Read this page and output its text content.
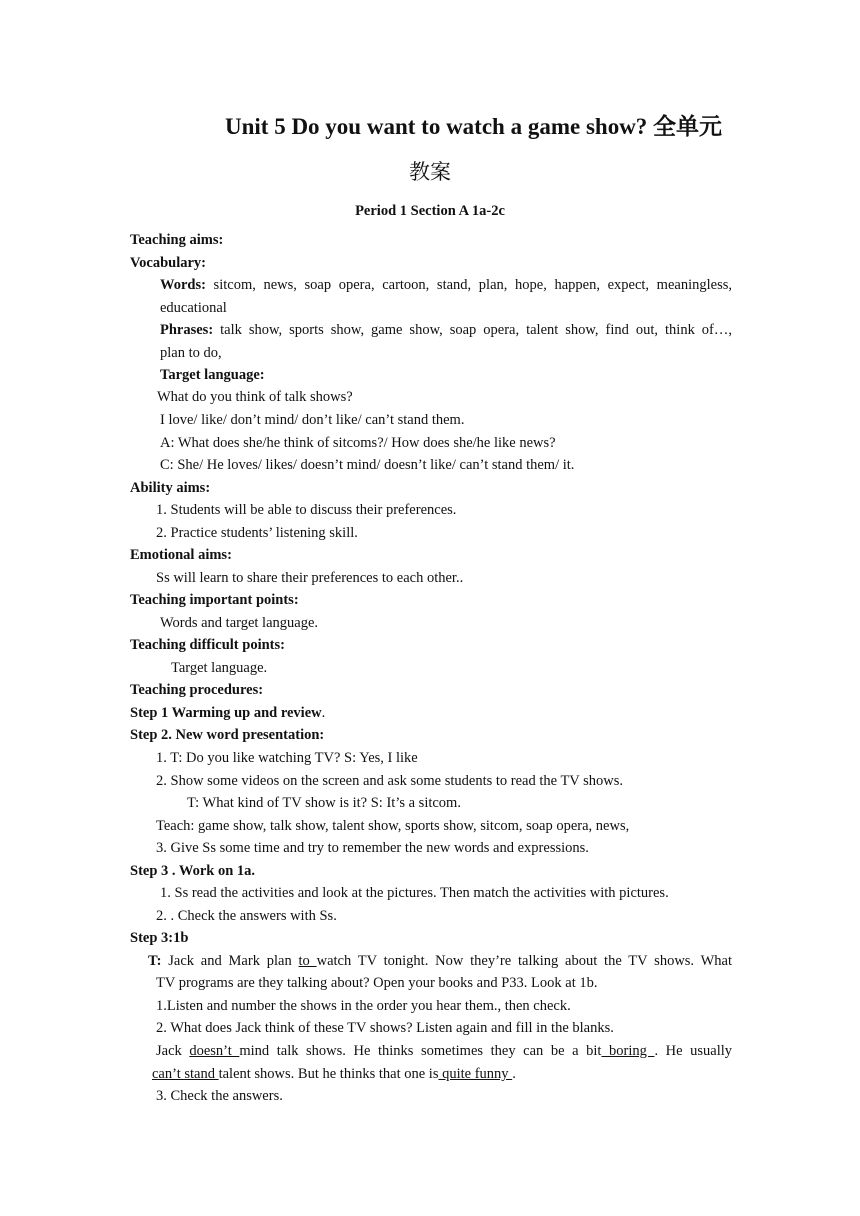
Unit 5 Do you want to watch a game show? 全单元
教案
Period 1 Section A 1a-2c
Teaching aims:
Vocabulary:
Words: sitcom, news, soap opera, cartoon, stand, plan, hope, happen, expect, meaningless,
educational
Phrases: talk show, sports show, game show, soap opera, talent show, find out, think of…,
plan to do,
Target language:
What do you think of talk shows?
I love/ like/ don’t mind/ don’t like/ can’t stand them.
A: What does she/he think of sitcoms?/ How does she/he like news?
C: She/ He loves/ likes/ doesn’t mind/ doesn’t like/ can’t stand them/ it.
Ability aims:
1. Students will be able to discuss their preferences.
2. Practice students’ listening skill.
Emotional aims:
Ss will learn to share their preferences to each other..
Teaching important points:
Words and target language.
Teaching difficult points:
Target language.
Teaching procedures:
Step 1 Warming up and review.
Step 2. New word presentation:
1. T: Do you like watching TV? S: Yes, I like
2. Show some videos on the screen and ask some students to read the TV shows.
T: What kind of TV show is it? S: It’s a sitcom.
Teach: game show, talk show, talent show, sports show, sitcom, soap opera, news,
3. Give Ss some time and try to remember the new words and expressions.
Step 3 . Work on 1a.
1. Ss read the activities and look at the pictures. Then match the activities with pictures.
2. . Check the answers with Ss.
Step 3:1b
T: Jack and Mark plan to watch TV tonight. Now they’re talking about the TV shows. What
TV programs are they talking about? Open your books and P33. Look at 1b.
1.Listen and number the shows in the order you hear them., then check.
2. What does Jack think of these TV shows? Listen again and fill in the blanks.
Jack doesn’t mind talk shows. He thinks sometimes they can be a bit boring . He usually
can’t stand talent shows. But he thinks that one is quite funny .
3. Check the answers.
